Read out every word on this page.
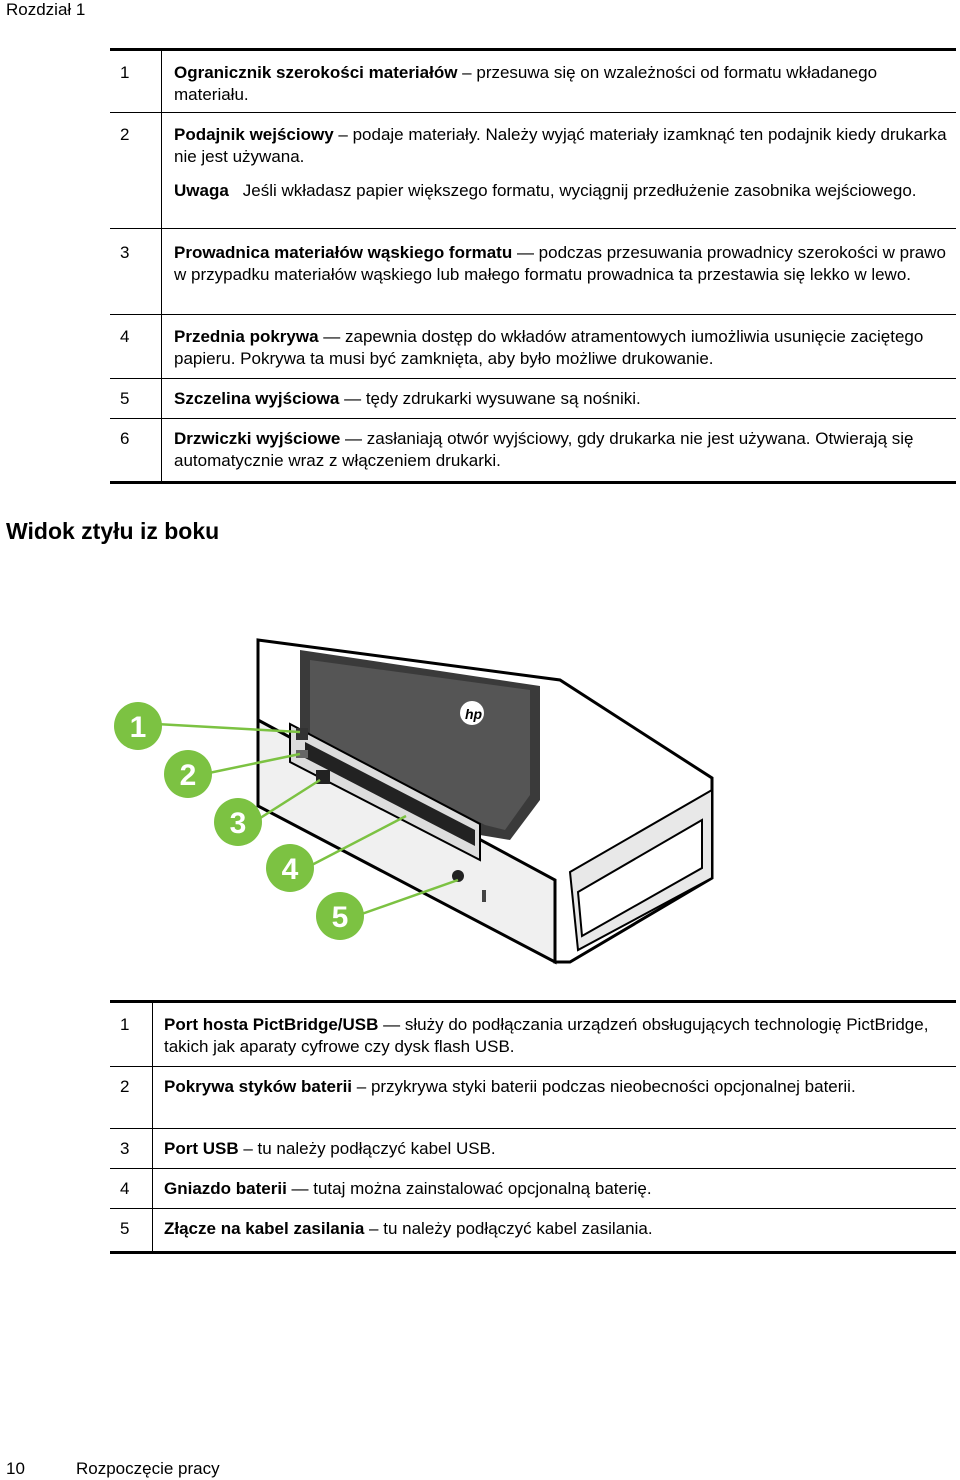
Rozdział 1
1	Ogranicznik szerokości materiałów – przesuwa się on wzależności od formatu wkładanego materiału.
2	Podajnik wejściowy – podaje materiały. Należy wyjąć materiały izamknąć ten podajnik kiedy drukarka nie jest używana.
Uwaga Jeśli wkładasz papier większego formatu, wyciągnij przedłużenie zasobnika wejściowego.
3	Prowadnica materiałów wąskiego formatu — podczas przesuwania prowadnicy szerokości w prawo w przypadku materiałów wąskiego lub małego formatu prowadnica ta przestawia się lekko w lewo.
4	Przednia pokrywa — zapewnia dostęp do wkładów atramentowych iumożliwia usunięcie zaciętego papieru. Pokrywa ta musi być zamknięta, aby było możliwe drukowanie.
5	Szczelina wyjściowa — tędy zdrukarki wysuwane są nośniki.
6	Drzwiczki wyjściowe — zasłaniają otwór wyjściowy, gdy drukarka nie jest używana. Otwierają się automatycznie wraz z włączeniem drukarki.
Widok ztyłu iz boku
hp
1
2
3
4
5
1 Port hosta PictBridge/USB — służy do podłączania urządzeń obsługujących technologię PictBridge, takich jak aparaty cyfrowe czy dysk flash USB.
2 Pokrywa styków baterii – przykrywa styki baterii podczas nieobecności opcjonalnej baterii.
3 Port USB – tu należy podłączyć kabel USB.
4 Gniazdo baterii — tutaj można zainstalować opcjonalną baterię.
5 Złącze na kabel zasilania – tu należy podłączyć kabel zasilania.
10	Rozpoczęcie pracy
